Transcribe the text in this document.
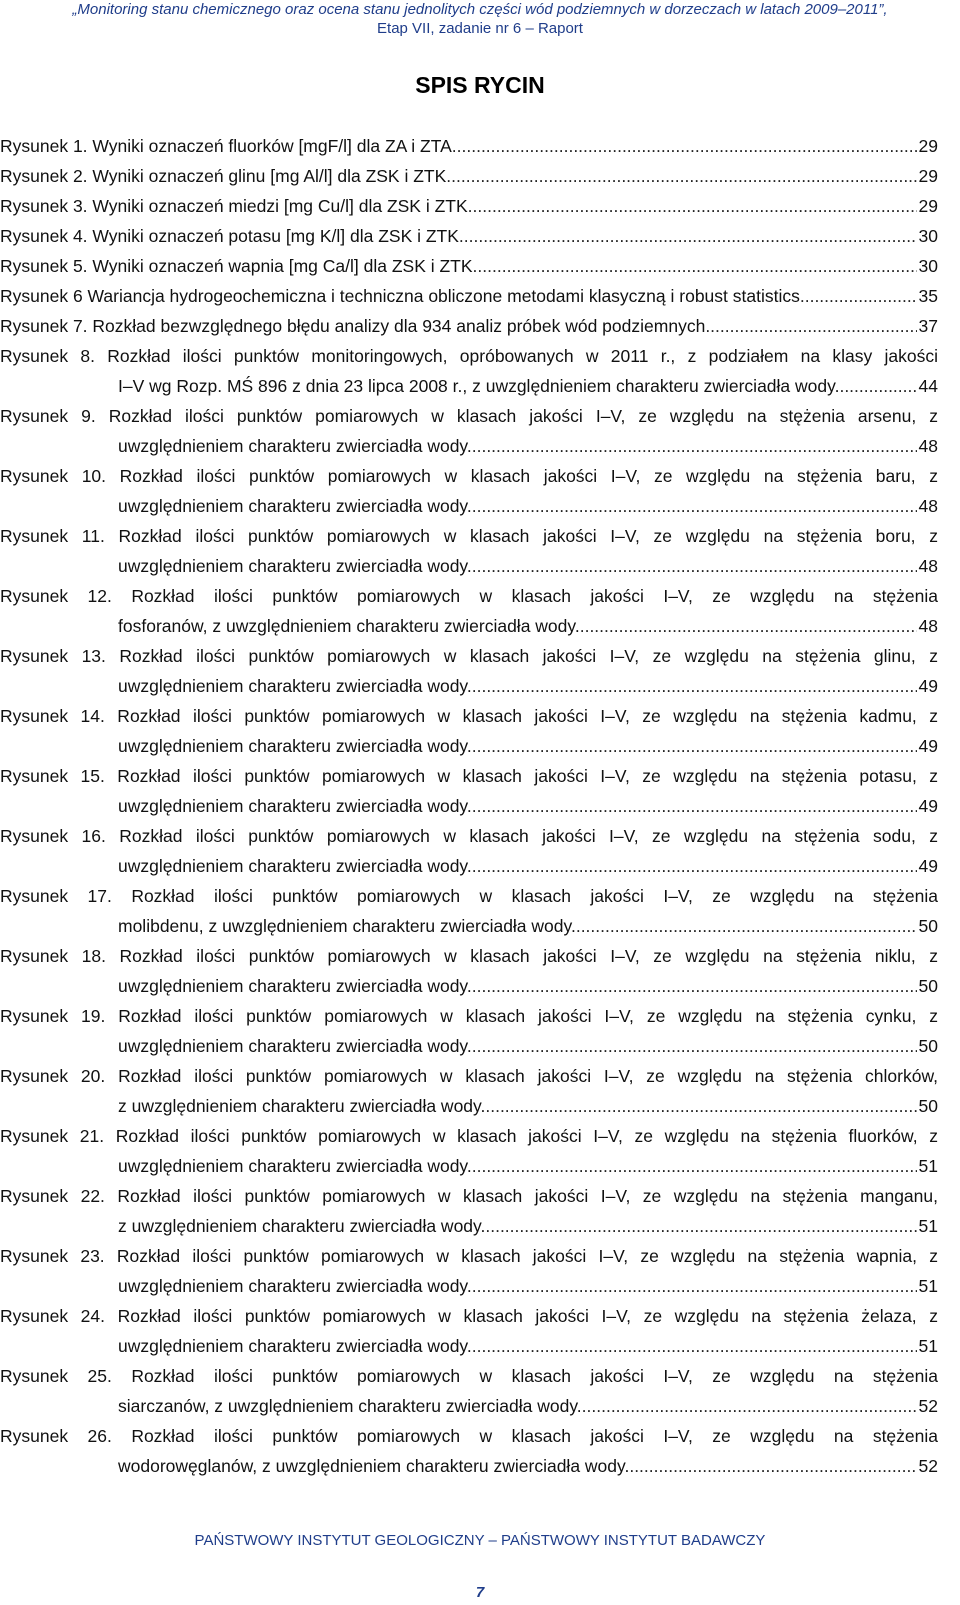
„Monitoring stanu chemicznego oraz ocena stanu jednolitych części wód podziemnych w dorzeczach w latach 2009–2011”,
Etap VII, zadanie nr 6 – Raport
SPIS RYCIN
Rysunek 1. Wyniki oznaczeń fluorków [mgF/l] dla ZA i ZTA .....	29
Rysunek 2. Wyniki oznaczeń glinu [mg Al/l] dla ZSK i ZTK .....	29
Rysunek 3. Wyniki oznaczeń miedzi [mg Cu/l] dla ZSK i ZTK .....	29
Rysunek 4. Wyniki oznaczeń potasu [mg K/l] dla ZSK i ZTK .....	30
Rysunek 5. Wyniki oznaczeń wapnia [mg Ca/l] dla ZSK i ZTK .....	30
Rysunek 6 Wariancja hydrogeochemiczna i techniczna obliczone metodami klasyczną i robust statistics .....	35
Rysunek 7. Rozkład bezwzględnego błędu analizy dla 934 analiz próbek wód podziemnych .....	37
Rysunek 8. Rozkład ilości punktów monitoringowych, opróbowanych w 2011 r., z podziałem na klasy jakości
I–V wg Rozp. MŚ 896 z dnia 23 lipca 2008 r., z uwzględnieniem charakteru zwierciadła wody. .....	44
Rysunek 9. Rozkład ilości punktów pomiarowych w klasach jakości I–V, ze względu na stężenia arsenu, z
uwzględnieniem charakteru zwierciadła wody. .....	48
Rysunek 10. Rozkład ilości punktów pomiarowych w klasach jakości I–V, ze względu na stężenia baru, z
uwzględnieniem charakteru zwierciadła wody. .....	48
Rysunek 11. Rozkład ilości punktów pomiarowych w klasach jakości I–V, ze względu na stężenia boru, z
uwzględnieniem charakteru zwierciadła wody. .....	48
Rysunek 12. Rozkład ilości punktów pomiarowych w klasach jakości I–V, ze względu na stężenia
fosforanów, z uwzględnieniem charakteru zwierciadła wody. .....	48
Rysunek 13. Rozkład ilości punktów pomiarowych w klasach jakości I–V, ze względu na stężenia glinu, z
uwzględnieniem charakteru zwierciadła wody. .....	49
Rysunek 14. Rozkład ilości punktów pomiarowych w klasach jakości I–V, ze względu na stężenia kadmu, z
uwzględnieniem charakteru zwierciadła wody. .....	49
Rysunek 15. Rozkład ilości punktów pomiarowych w klasach jakości I–V, ze względu na stężenia potasu, z
uwzględnieniem charakteru zwierciadła wody. .....	49
Rysunek 16. Rozkład ilości punktów pomiarowych w klasach jakości I–V, ze względu na stężenia sodu, z
uwzględnieniem charakteru zwierciadła wody. .....	49
Rysunek 17. Rozkład ilości punktów pomiarowych w klasach jakości I–V, ze względu na stężenia
molibdenu, z uwzględnieniem charakteru zwierciadła wody. .....	50
Rysunek 18. Rozkład ilości punktów pomiarowych w klasach jakości I–V, ze względu na stężenia niklu, z
uwzględnieniem charakteru zwierciadła wody. .....	50
Rysunek 19. Rozkład ilości punktów pomiarowych w klasach jakości I–V, ze względu na stężenia cynku, z
uwzględnieniem charakteru zwierciadła wody. .....	50
Rysunek 20. Rozkład ilości punktów pomiarowych w klasach jakości I–V, ze względu na stężenia chlorków,
z uwzględnieniem charakteru zwierciadła wody. .....	50
Rysunek 21. Rozkład ilości punktów pomiarowych w klasach jakości I–V, ze względu na stężenia fluorków, z
uwzględnieniem charakteru zwierciadła wody. .....	51
Rysunek 22. Rozkład ilości punktów pomiarowych w klasach jakości I–V, ze względu na stężenia manganu,
z uwzględnieniem charakteru zwierciadła wody. .....	51
Rysunek 23. Rozkład ilości punktów pomiarowych w klasach jakości I–V, ze względu na stężenia wapnia, z
uwzględnieniem charakteru zwierciadła wody. .....	51
Rysunek 24. Rozkład ilości punktów pomiarowych w klasach jakości I–V, ze względu na stężenia żelaza, z
uwzględnieniem charakteru zwierciadła wody. .....	51
Rysunek 25. Rozkład ilości punktów pomiarowych w klasach jakości I–V, ze względu na stężenia
siarczanów, z uwzględnieniem charakteru zwierciadła wody. .....	52
Rysunek 26. Rozkład ilości punktów pomiarowych w klasach jakości I–V, ze względu na stężenia
wodorowęglanów, z uwzględnieniem charakteru zwierciadła wody. .....	52
PAŃSTWOWY INSTYTUT GEOLOGICZNY – PAŃSTWOWY INSTYTUT BADAWCZY
7
